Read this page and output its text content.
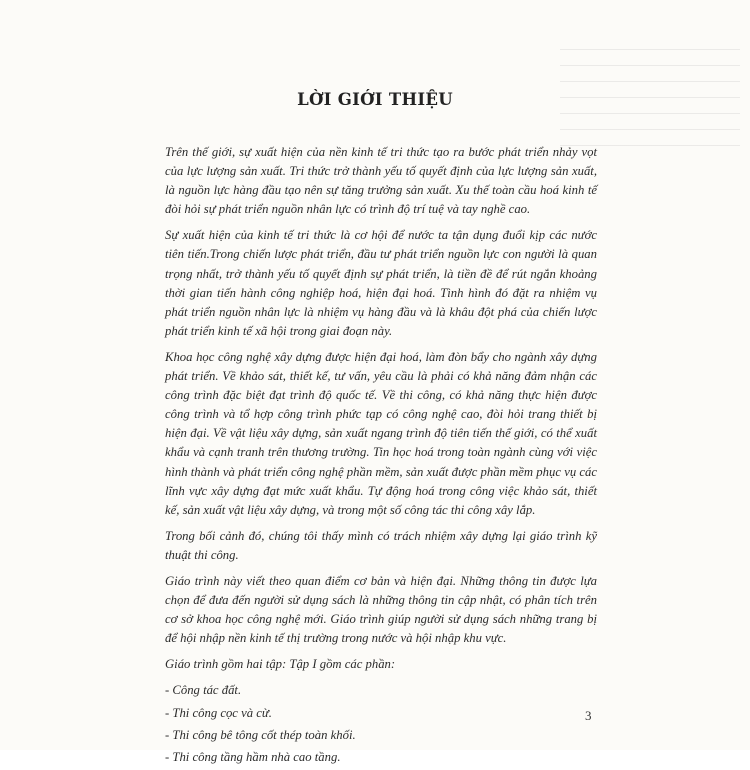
LỜI GIỚI THIỆU

Trên thế giới, sự xuất hiện của nền kinh tế tri thức tạo ra bước phát triển nhảy vọt của lực lượng sản xuất. Tri thức trở thành yếu tố quyết định của lực lượng sản xuất, là nguồn lực hàng đầu tạo nên sự tăng trưởng sản xuất. Xu thế toàn cầu hoá kinh tế đòi hỏi sự phát triển nguồn nhân lực có trình độ trí tuệ và tay nghề cao.

Sự xuất hiện của kinh tế tri thức là cơ hội để nước ta tận dụng đuổi kịp các nước tiên tiến.Trong chiến lược phát triển, đầu tư phát triển nguồn lực con người là quan trọng nhất, trở thành yếu tố quyết định sự phát triển, là tiền đề để rút ngắn khoảng thời gian tiến hành công nghiệp hoá, hiện đại hoá. Tình hình đó đặt ra nhiệm vụ phát triển nguồn nhân lực là nhiệm vụ hàng đầu và là khâu đột phá của chiến lược phát triển kinh tế xã hội trong giai đoạn này.

Khoa học công nghệ xây dựng được hiện đại hoá, làm đòn bẩy cho ngành xây dựng phát triển. Về khảo sát, thiết kế, tư vấn, yêu cầu là phải có khả năng đảm nhận các công trình đặc biệt đạt trình độ quốc tế. Về thi công, có khả năng thực hiện được công trình và tổ hợp công trình phức tạp có công nghệ cao, đòi hỏi trang thiết bị hiện đại. Về vật liệu xây dựng, sản xuất ngang trình độ tiên tiến thế giới, có thể xuất khẩu và cạnh tranh trên thương trường. Tin học hoá trong toàn ngành cùng với việc hình thành và phát triển công nghệ phần mềm, sản xuất được phần mềm phục vụ các lĩnh vực xây dựng đạt mức xuất khẩu. Tự động hoá trong công việc khảo sát, thiết kế, sản xuất vật liệu xây dựng, và trong một số công tác thi công xây lắp.

Trong bối cảnh đó, chúng tôi thấy mình có trách nhiệm xây dựng lại giáo trình kỹ thuật thi công.

Giáo trình này viết theo quan điểm cơ bản và hiện đại. Những thông tin được lựa chọn để đưa đến người sử dụng sách là những thông tin cập nhật, có phân tích trên cơ sở khoa học công nghệ mới. Giáo trình giúp người sử dụng sách những trang bị để hội nhập nền kinh tế thị trường trong nước và hội nhập khu vực.

Giáo trình gồm hai tập: Tập I gồm các phần:

- Công tác đất.
- Thi công cọc và cừ.
- Thi công bê tông cốt thép toàn khối.
- Thi công tầng hầm nhà cao tầng.
3
